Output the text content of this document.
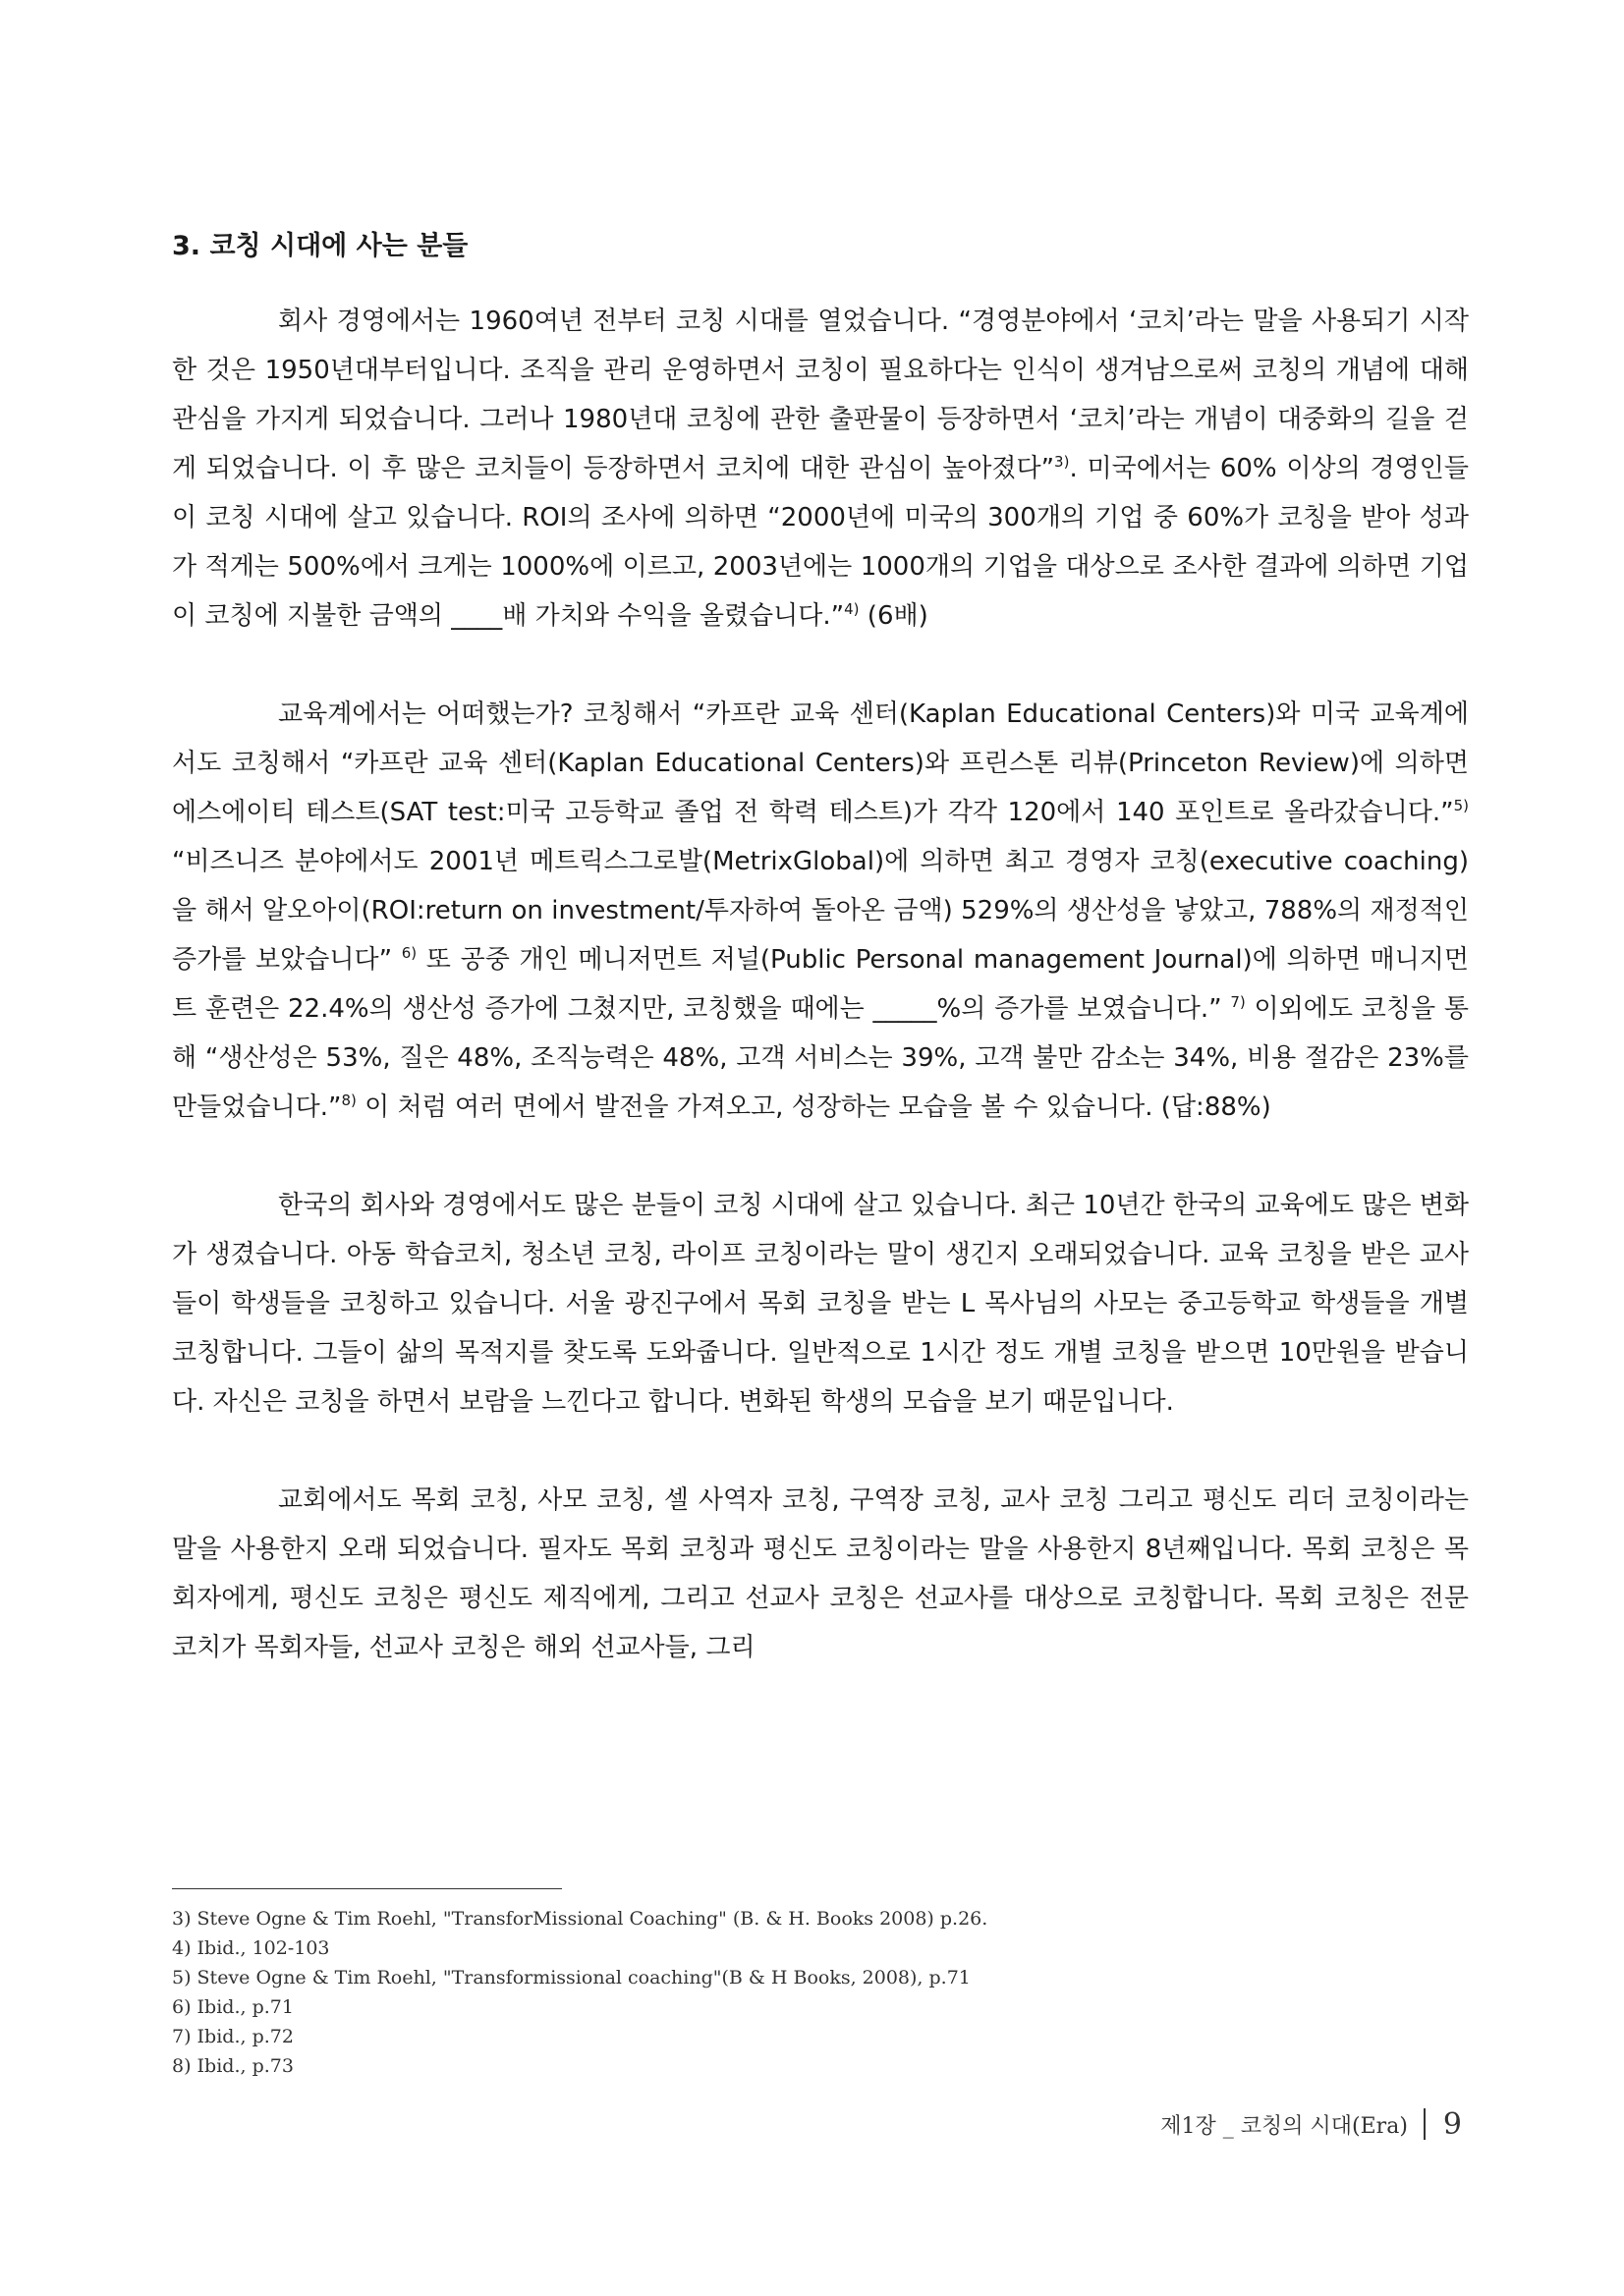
3. 코칭 시대에 사는 분들

회사 경영에서는 1960여년 전부터 코칭 시대를 열었습니다. “경영분야에서 ‘코치’라는 말을 사용되기 시작한 것은 1950년대부터입니다. 조직을 관리 운영하면서 코칭이 필요하다는 인식이 생겨남으로써 코칭의 개념에 대해 관심을 가지게 되었습니다. 그러나 1980년대 코칭에 관한 출판물이 등장하면서 ‘코치’라는 개념이 대중화의 길을 걷게 되었습니다. 이 후 많은 코치들이 등장하면서 코치에 대한 관심이 높아졌다”$^{3)}$. 미국에서는 60% 이상의 경영인들이 코칭 시대에 살고 있습니다. ROI의 조사에 의하면 “2000년에 미국의 300개의 기업 중 60%가 코칭을 받아 성과가 적게는 500%에서 크게는 1000%에 이르고, 2003년에는 1000개의 기업을 대상으로 조사한 결과에 의하면 기업이 코칭에 지불한 금액의 ____배 가치와 수익을 올렸습니다.”$^{4)}$ (6배)

교육계에서는 어떠했는가? 코칭해서 “카프란 교육 센터(Kaplan Educational Centers)와 미국 교육계에서도 코칭해서 “카프란 교육 센터(Kaplan Educational Centers)와 프린스톤 리뷰(Princeton Review)에 의하면 에스에이티 테스트(SAT test:미국 고등학교 졸업 전 학력 테스트)가 각각 120에서 140 포인트로 올라갔습니다.”$^{5)}$ “비즈니즈 분야에서도 2001년 메트릭스그로발(MetrixGlobal)에 의하면 최고 경영자 코칭(executive coaching)을 해서 알오아이(ROI:return on investment/투자하여 돌아온 금액) 529%의 생산성을 낳았고, 788%의 재정적인 증가를 보았습니다” $^{6)}$ 또 공중 개인 메니저먼트 저널(Public Personal management Journal)에 의하면 매니지먼트 훈련은 22.4%의 생산성 증가에 그쳤지만, 코칭했을 때에는 _____%의 증가를 보였습니다.” $^{7)}$ 이외에도 코칭을 통해 “생산성은 53%, 질은 48%, 조직능력은 48%, 고객 서비스는 39%, 고객 불만 감소는 34%, 비용 절감은 23%를 만들었습니다.”$^{8)}$ 이 처럼 여러 면에서 발전을 가져오고, 성장하는 모습을 볼 수 있습니다. (답:88%)

한국의 회사와 경영에서도 많은 분들이 코칭 시대에 살고 있습니다. 최근 10년간 한국의 교육에도 많은 변화가 생겼습니다. 아동 학습코치, 청소년 코칭, 라이프 코칭이라는 말이 생긴지 오래되었습니다. 교육 코칭을 받은 교사들이 학생들을 코칭하고 있습니다. 서울 광진구에서 목회 코칭을 받는 L 목사님의 사모는 중고등학교 학생들을 개별 코칭합니다. 그들이 삶의 목적지를 찾도록 도와줍니다. 일반적으로 1시간 정도 개별 코칭을 받으면 10만원을 받습니다. 자신은 코칭을 하면서 보람을 느낀다고 합니다. 변화된 학생의 모습을 보기 때문입니다.

교회에서도 목회 코칭, 사모 코칭, 셀 사역자 코칭, 구역장 코칭, 교사 코칭 그리고 평신도 리더 코칭이라는 말을 사용한지 오래 되었습니다. 필자도 목회 코칭과 평신도 코칭이라는 말을 사용한지 8년째입니다. 목회 코칭은 목회자에게, 평신도 코칭은 평신도 제직에게, 그리고 선교사 코칭은 선교사를 대상으로 코칭합니다. 목회 코칭은 전문 코치가 목회자들, 선교사 코칭은 해외 선교사들, 그리

3) Steve Ogne & Tim Roehl, "TransforMissional Coaching" (B. & H. Books 2008) p.26.
4) Ibid., 102-103
5) Steve Ogne & Tim Roehl, "Transformissional coaching"(B & H Books, 2008), p.71
6) Ibid., p.71
7) Ibid., p.72
8) Ibid., p.73
제1장 _ 코칭의 시대(Era) 9
